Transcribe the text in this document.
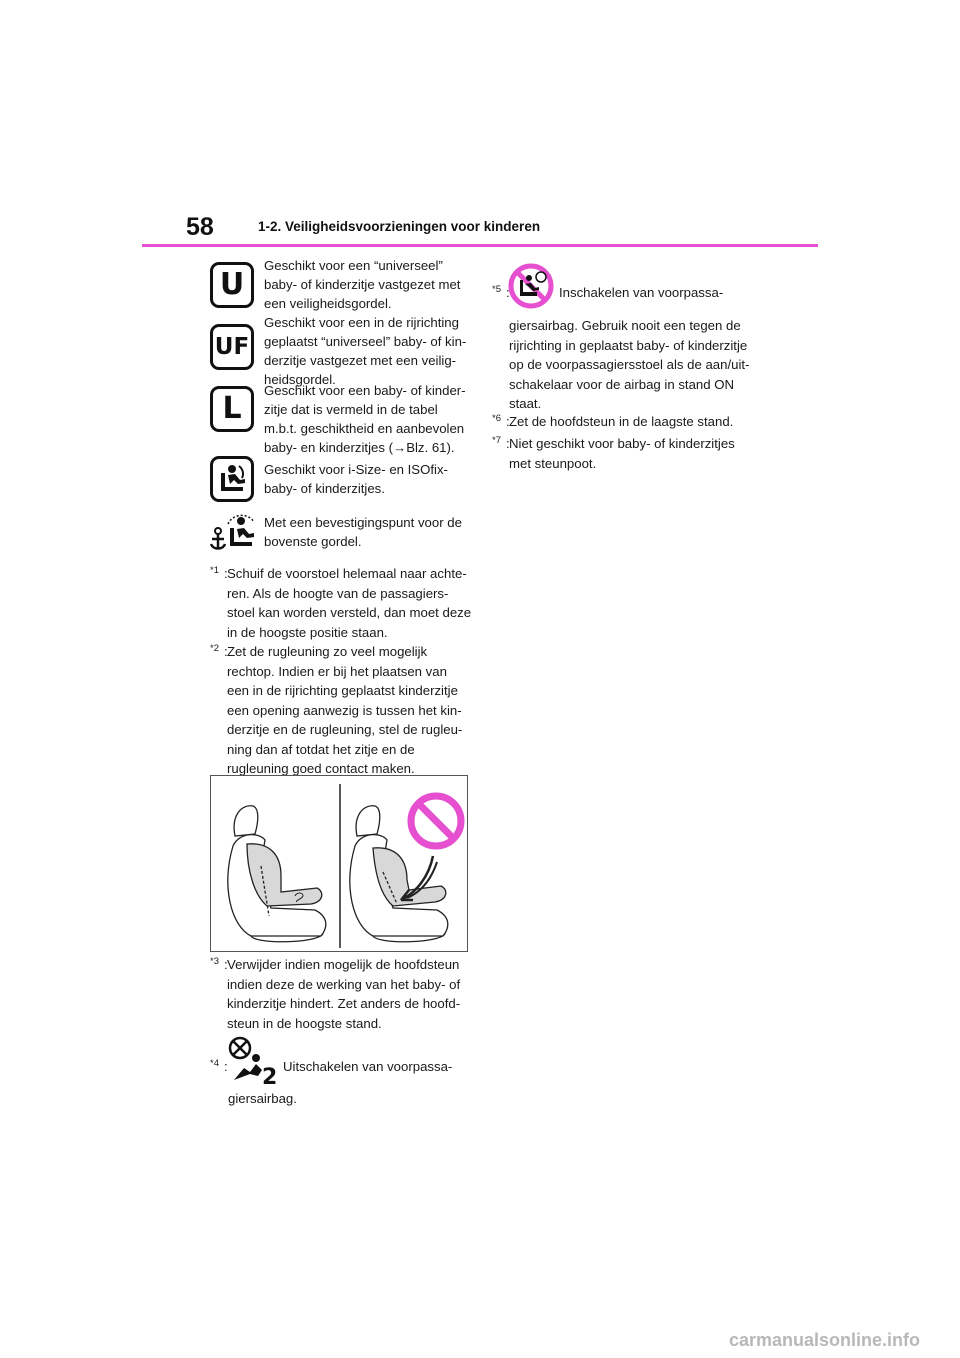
58	1-2. Veiligheidsvoorzieningen voor kinderen
U
Geschikt voor een “universeel” baby- of kinderzitje vastgezet met een veiligheidsgordel.
UF
Geschikt voor een in de rijrichting geplaatst “universeel” baby- of kin-derzitje vastgezet met een veilig-heidsgordel.
L
Geschikt voor een baby- of kinder-zitje dat is vermeld in de tabel m.b.t. geschiktheid en aanbevolen baby- en kinderzitjes (→Blz. 61).
Geschikt voor i-Size- en ISOfix- baby- of kinderzitjes.
Met een bevestigingspunt voor de bovenste gordel.
*1 : Schuif de voorstoel helemaal naar achte-ren. Als de hoogte van de passagiers-stoel kan worden versteld, dan moet deze in de hoogste positie staan.
*2 : Zet de rugleuning zo veel mogelijk rechtop. Indien er bij het plaatsen van een in de rijrichting geplaatst kinderzitje een opening aanwezig is tussen het kin-derzitje en de rugleuning, stel de rugleu-ning dan af totdat het zitje en de rugleuning goed contact maken.
*3 : Verwijder indien mogelijk de hoofdsteun indien deze de werking van het baby- of kinderzitje hindert. Zet anders de hoofd-steun in de hoogste stand.
*4 : 2 Uitschakelen van voorpassa-
giersairbag.
*5 :	Inschakelen van voorpassa-
giersairbag. Gebruik nooit een tegen de rijrichting in geplaatst baby- of kinderzitje op de voorpassagiersstoel als de aan/uit-schakelaar voor de airbag in stand ON staat.
*6 : Zet de hoofdsteun in de laagste stand.
*7 : Niet geschikt voor baby- of kinderzitjes met steunpoot.
carmanualsonline.info
